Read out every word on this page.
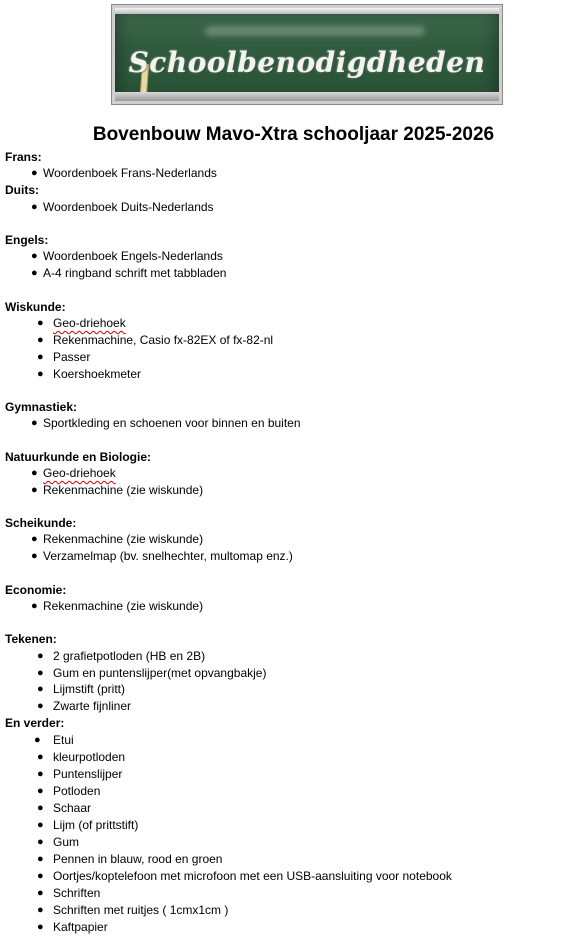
Schoolbenodigdheden
Bovenbouw Mavo-Xtra schooljaar 2025-2026
Frans:
● Woordenboek Frans-Nederlands
Duits:
● Woordenboek Duits-Nederlands
Engels:
● Woordenboek Engels-Nederlands
● A-4 ringband schrift met tabbladen
Wiskunde:
● Geo-driehoek
● Rekenmachine, Casio fx-82EX of fx-82-nl
● Passer
● Koershoekmeter
Gymnastiek:
● Sportkleding en schoenen voor binnen en buiten
Natuurkunde en Biologie:
● Geo-driehoek
● Rekenmachine (zie wiskunde)
Scheikunde:
● Rekenmachine (zie wiskunde)
● Verzamelmap (bv. snelhechter, multomap enz.)
Economie:
● Rekenmachine (zie wiskunde)
Tekenen:
● 2 grafietpotloden (HB en 2B)
● Gum en puntenslijper(met opvangbakje)
● Lijmstift (pritt)
● Zwarte fijnliner
En verder:
● Etui
● kleurpotloden
● Puntenslijper
● Potloden
● Schaar
● Lijm (of prittstift)
● Gum
● Pennen in blauw, rood en groen
● Oortjes/koptelefoon met microfoon met een USB-aansluiting voor notebook
● Schriften
● Schriften met ruitjes ( 1cmx1cm )
● Kaftpapier
